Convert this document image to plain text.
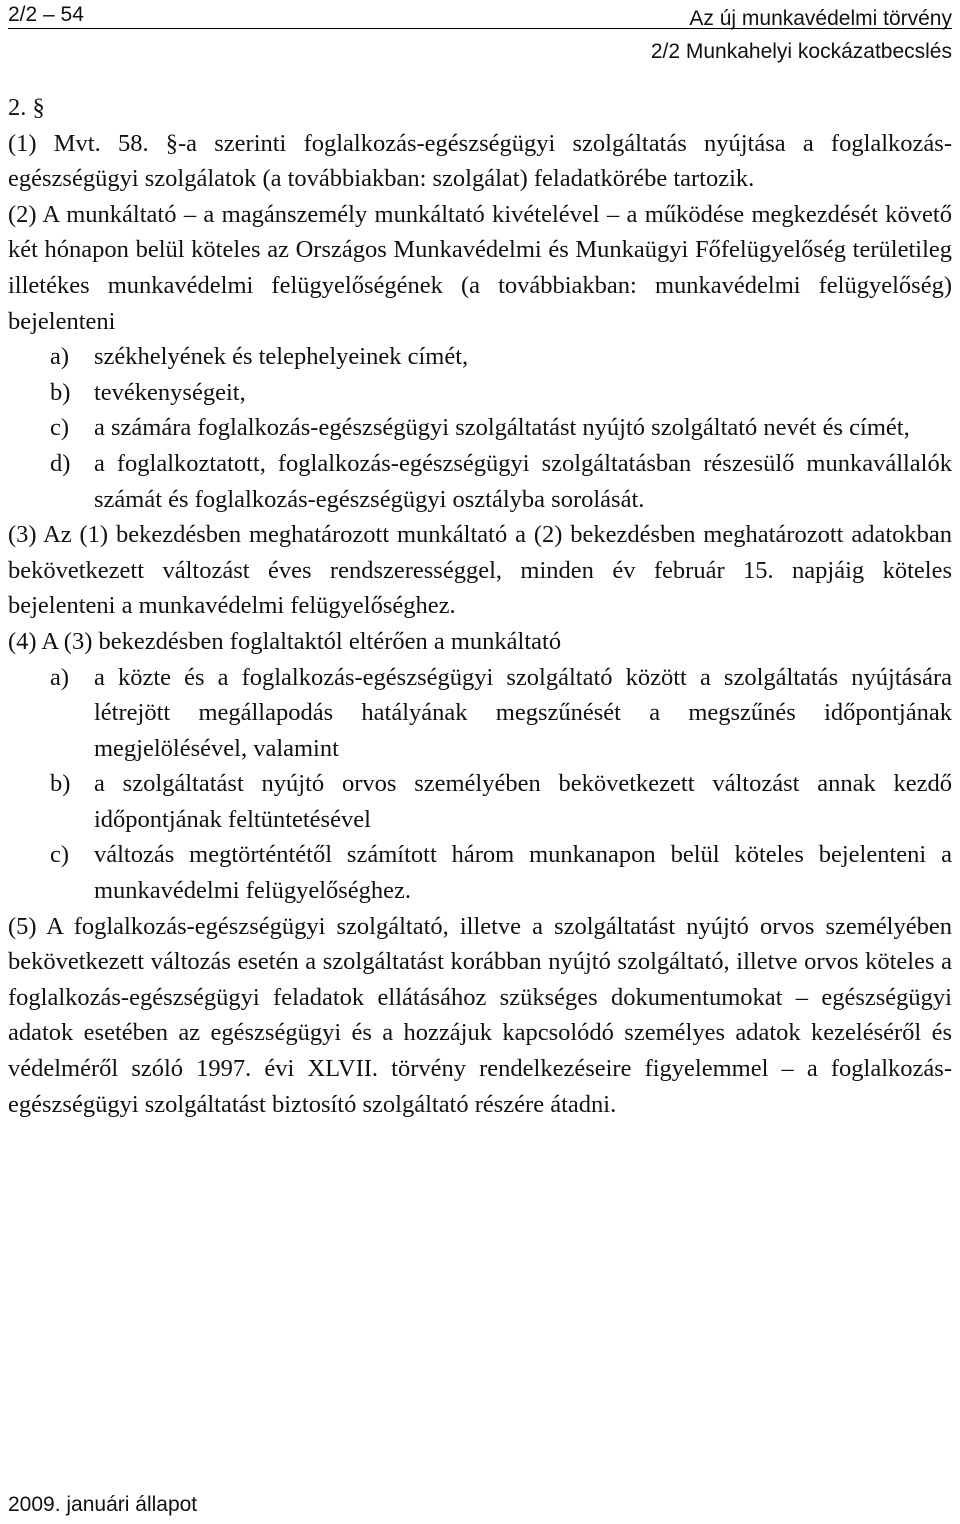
2/2 – 54	Az új munkavédelmi törvény
2/2 Munkahelyi kockázatbecslés
2. §
(1) Mvt. 58. §-a szerinti foglalkozás-egészségügyi szolgáltatás nyújtása a foglalkozás-egészségügyi szolgálatok (a továbbiakban: szolgálat) feladatkörébe tartozik.
(2) A munkáltató – a magánszemély munkáltató kivételével – a működése megkezdését követő két hónapon belül köteles az Országos Munkavédelmi és Munkaügyi Főfelügyelőség területileg illetékes munkavédelmi felügyelőségének (a továbbiakban: munkavédelmi felügyelőség) bejelenteni
a)	székhelyének és telephelyeinek címét,
b) tevékenységeit,
c)	a számára foglalkozás-egészségügyi szolgáltatást nyújtó szolgáltató nevét és címét,
d) a foglalkoztatott, foglalkozás-egészségügyi szolgáltatásban részesülő munkavállalók számát és foglalkozás-egészségügyi osztályba sorolását.
(3) Az (1) bekezdésben meghatározott munkáltató a (2) bekezdésben meghatározott adatokban bekövetkezett változást éves rendszerességgel, minden év február 15. napjáig köteles bejelenteni a munkavédelmi felügyelőséghez.
(4) A (3) bekezdésben foglaltaktól eltérően a munkáltató
a)	a közte és a foglalkozás-egészségügyi szolgáltató között a szolgáltatás nyújtására létrejött megállapodás hatályának megszűnését a megszűnés időpontjának megjelölésével, valamint
b) a szolgáltatást nyújtó orvos személyében bekövetkezett változást annak kezdő időpontjának feltüntetésével
c)	változás megtörténtétől számított három munkanapon belül köteles bejelenteni a munkavédelmi felügyelőséghez.
(5) A foglalkozás-egészségügyi szolgáltató, illetve a szolgáltatást nyújtó orvos személyében bekövetkezett változás esetén a szolgáltatást korábban nyújtó szolgáltató, illetve orvos köteles a foglalkozás-egészségügyi feladatok ellátásához szükséges dokumentumokat – egészségügyi adatok esetében az egészségügyi és a hozzájuk kapcsolódó személyes adatok kezeléséről és védelméről szóló 1997. évi XLVII. törvény rendelkezéseire figyelemmel – a foglalkozás-egészségügyi szolgáltatást biztosító szolgáltató részére átadni.
2009. januári állapot
